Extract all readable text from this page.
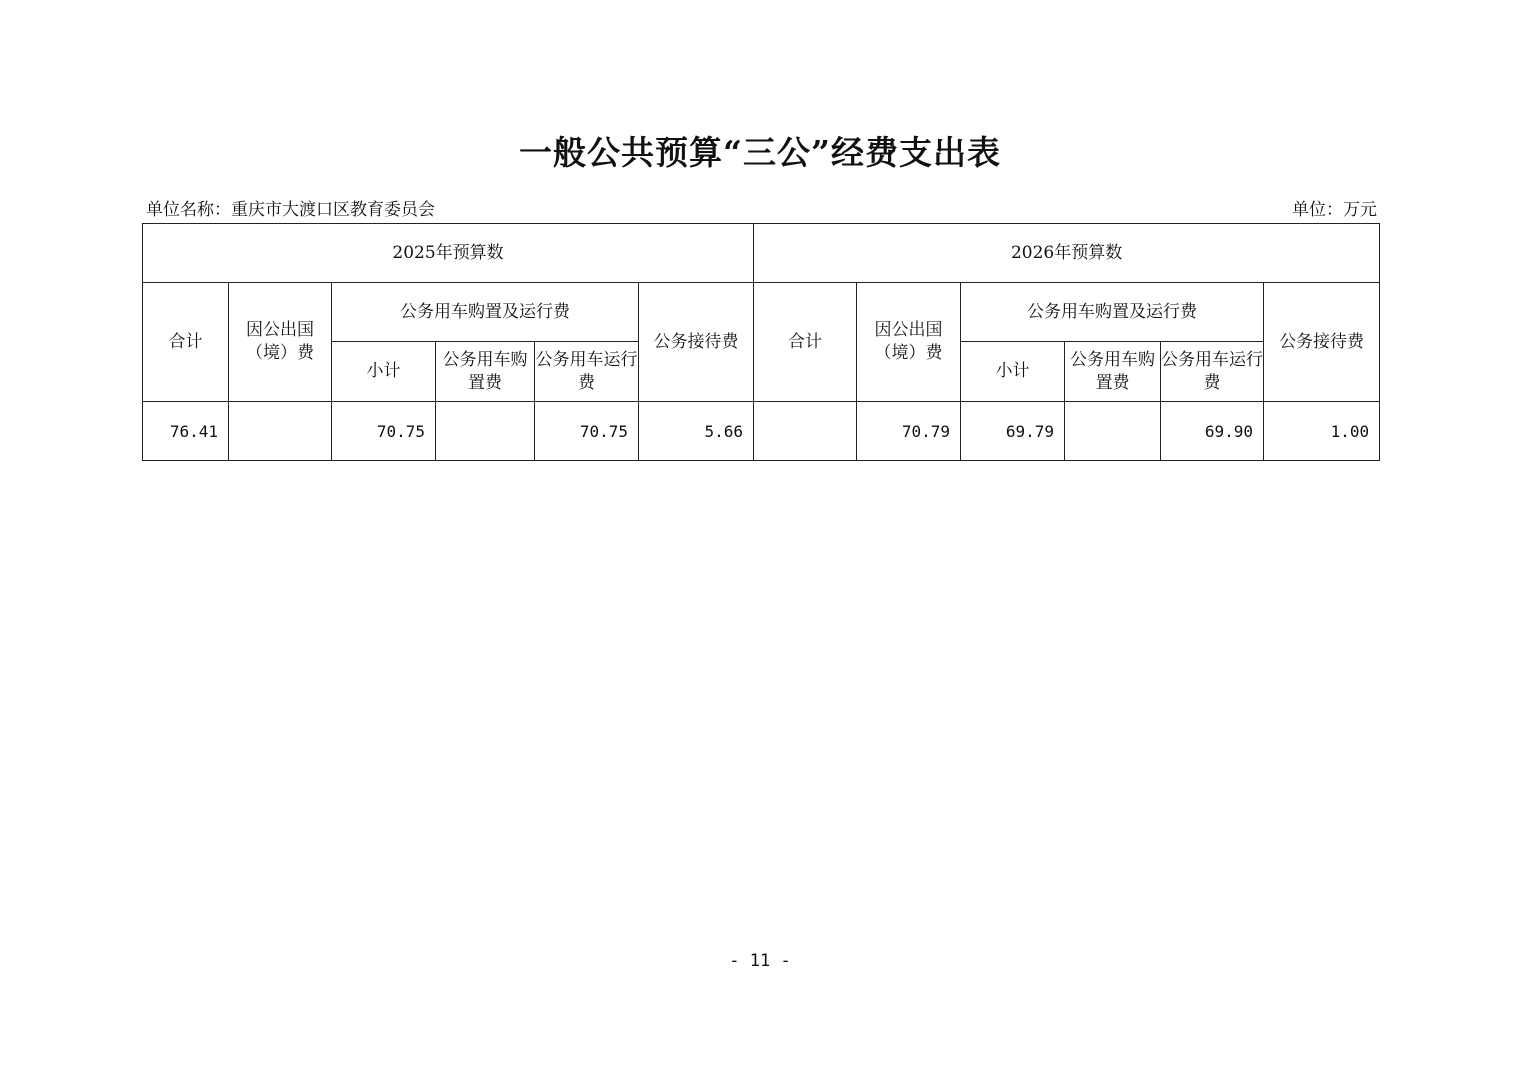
一般公共预算“三公”经费支出表
单位名称：重庆市大渡口区教育委员会	单位：万元
2025年预算数						2026年预算数					
合计	因公出国（境）费	公务用车购置及运行费			公务接待费	合计	因公出国（境）费	公务用车购置及运行费			公务接待费
		小计	公务用车购置费	公务用车运行费				小计	公务用车购置费	公务用车运行费	
76.41		70.75		70.75	5.66		70.79	69.79		69.90	1.00
- 11 -
